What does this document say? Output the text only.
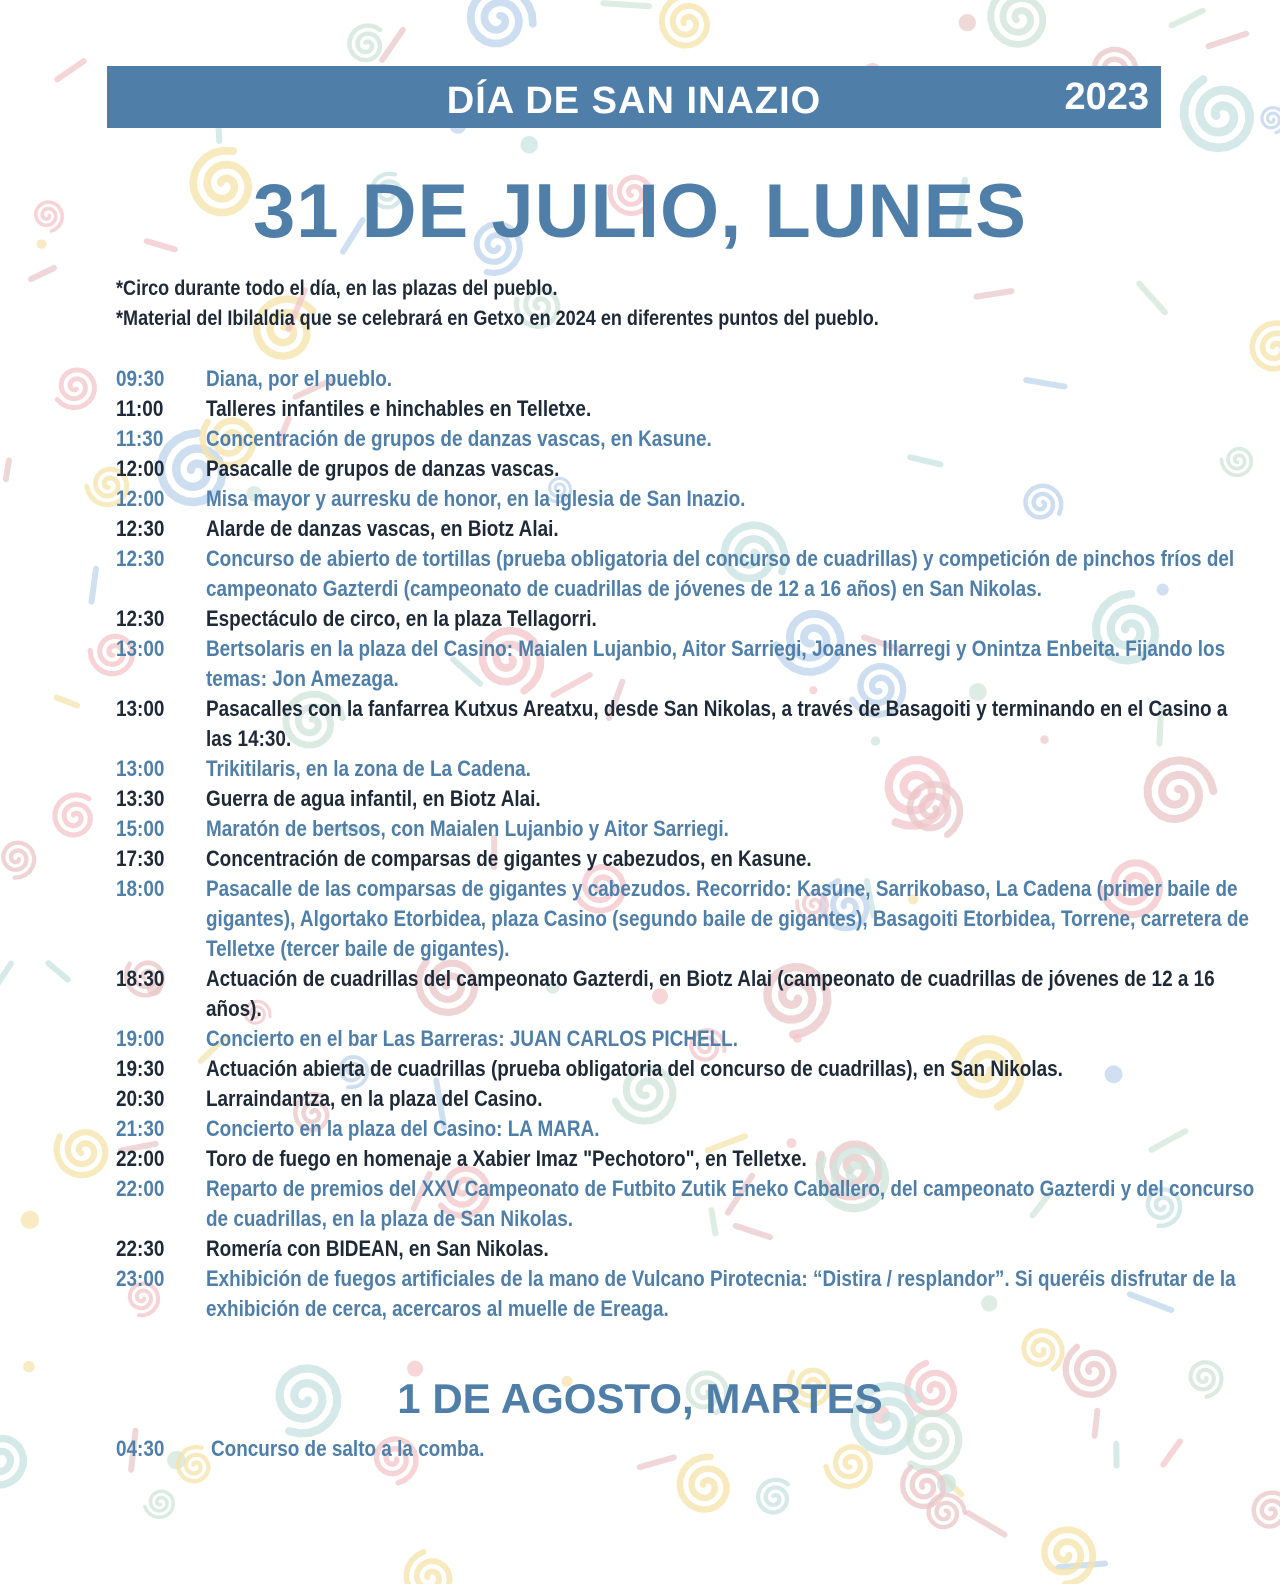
DÍA DE SAN INAZIO	2023
31 DE JULIO, LUNES
*Circo durante todo el día, en las plazas del pueblo.
*Material del Ibilaldia que se celebrará en Getxo en 2024 en diferentes puntos del pueblo.
09:30	Diana, por el pueblo.
11:00	Talleres infantiles e hinchables en Telletxe.
11:30	Concentración de grupos de danzas vascas, en Kasune.
12:00	Pasacalle de grupos de danzas vascas.
12:00	Misa mayor y aurresku de honor, en la iglesia de San Inazio.
12:30	Alarde de danzas vascas, en Biotz Alai.
12:30	Concurso de abierto de tortillas (prueba obligatoria del concurso de cuadrillas) y competición de pinchos fríos del campeonato Gazterdi (campeonato de cuadrillas de jóvenes de 12 a 16 años) en San Nikolas.
12:30	Espectáculo de circo, en la plaza Tellagorri.
13:00	Bertsolaris en la plaza del Casino: Maialen Lujanbio, Aitor Sarriegi, Joanes Illarregi y Onintza Enbeita. Fijando los temas: Jon Amezaga.
13:00	Pasacalles con la fanfarrea Kutxus Areatxu, desde San Nikolas, a través de Basagoiti y terminando en el Casino a las 14:30.
13:00	Trikitilaris, en la zona de La Cadena.
13:30	Guerra de agua infantil, en Biotz Alai.
15:00	Maratón de bertsos, con Maialen Lujanbio y Aitor Sarriegi.
17:30	Concentración de comparsas de gigantes y cabezudos, en Kasune.
18:00	Pasacalle de las comparsas de gigantes y cabezudos. Recorrido: Kasune, Sarrikobaso, La Cadena (primer baile de gigantes), Algortako Etorbidea, plaza Casino (segundo baile de gigantes), Basagoiti Etorbidea, Torrene, carretera de Telletxe (tercer baile de gigantes).
18:30	Actuación de cuadrillas del campeonato Gazterdi, en Biotz Alai (campeonato de cuadrillas de jóvenes de 12 a 16 años).
19:00	Concierto en el bar Las Barreras: JUAN CARLOS PICHELL.
19:30	Actuación abierta de cuadrillas (prueba obligatoria del concurso de cuadrillas), en San Nikolas.
20:30	Larraindantza, en la plaza del Casino.
21:30	Concierto en la plaza del Casino: LA MARA.
22:00	Toro de fuego en homenaje a Xabier Imaz "Pechotoro", en Telletxe.
22:00	Reparto de premios del XXV Campeonato de Futbito Zutik Eneko Caballero, del campeonato Gazterdi y del concurso de cuadrillas, en la plaza de San Nikolas.
22:30	Romería con BIDEAN, en San Nikolas.
23:00	Exhibición de fuegos artificiales de la mano de Vulcano Pirotecnia: “Distira / resplandor”. Si queréis disfrutar de la exhibición de cerca, acercaros al muelle de Ereaga.
1 DE AGOSTO, MARTES
04:30	Concurso de salto a la comba.
